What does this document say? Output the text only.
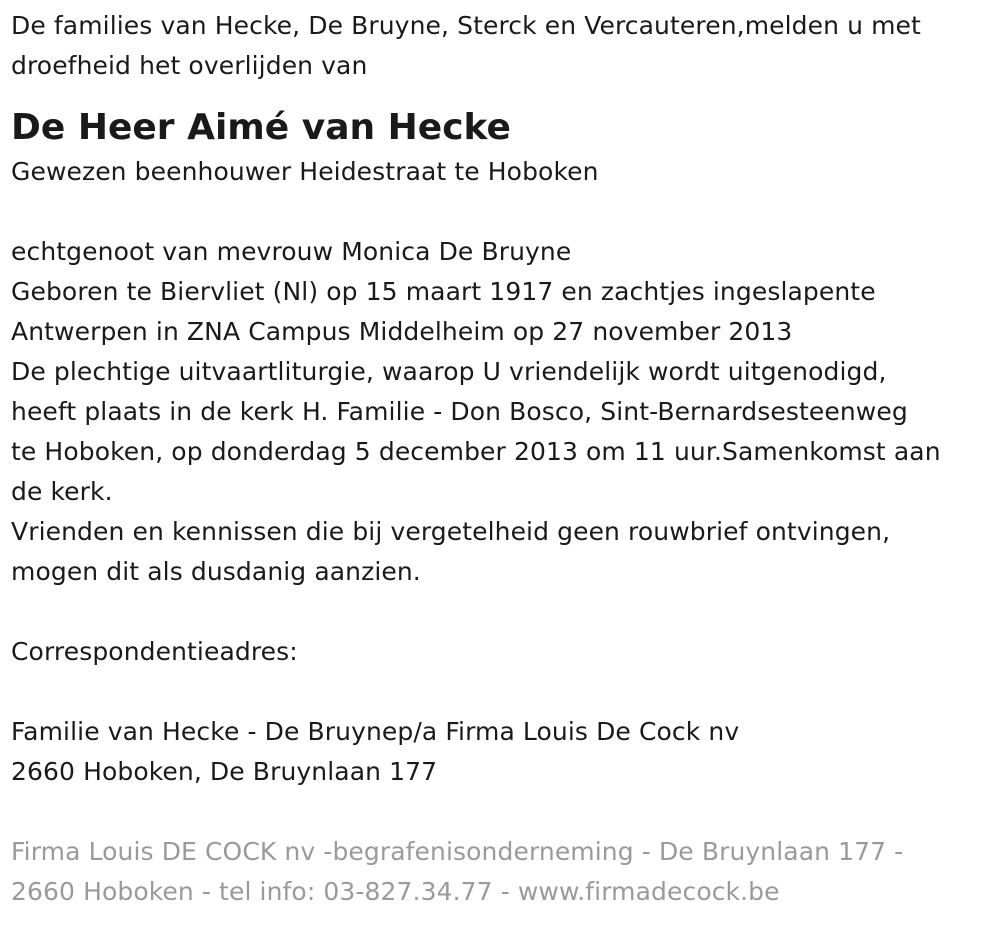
De families van Hecke, De Bruyne, Sterck en Vercauteren,melden u met
droefheid het overlijden van
De Heer Aimé van Hecke
Gewezen beenhouwer Heidestraat te Hoboken
echtgenoot van mevrouw Monica De Bruyne
Geboren te Biervliet (Nl) op 15 maart 1917 en zachtjes ingeslapente
Antwerpen in ZNA Campus Middelheim op 27 november 2013
De plechtige uitvaartliturgie, waarop U vriendelijk wordt uitgenodigd,
heeft plaats in de kerk H. Familie - Don Bosco, Sint-Bernardsesteenweg
te Hoboken, op donderdag 5 december 2013 om 11 uur.Samenkomst aan
de kerk.
Vrienden en kennissen die bij vergetelheid geen rouwbrief ontvingen,
mogen dit als dusdanig aanzien.
Correspondentieadres:
Familie van Hecke - De Bruynep/a Firma Louis De Cock nv
2660 Hoboken, De Bruynlaan 177
Firma Louis DE COCK nv -begrafenisonderneming - De Bruynlaan 177 -
2660 Hoboken - tel info: 03-827.34.77 - www.firmadecock.be
